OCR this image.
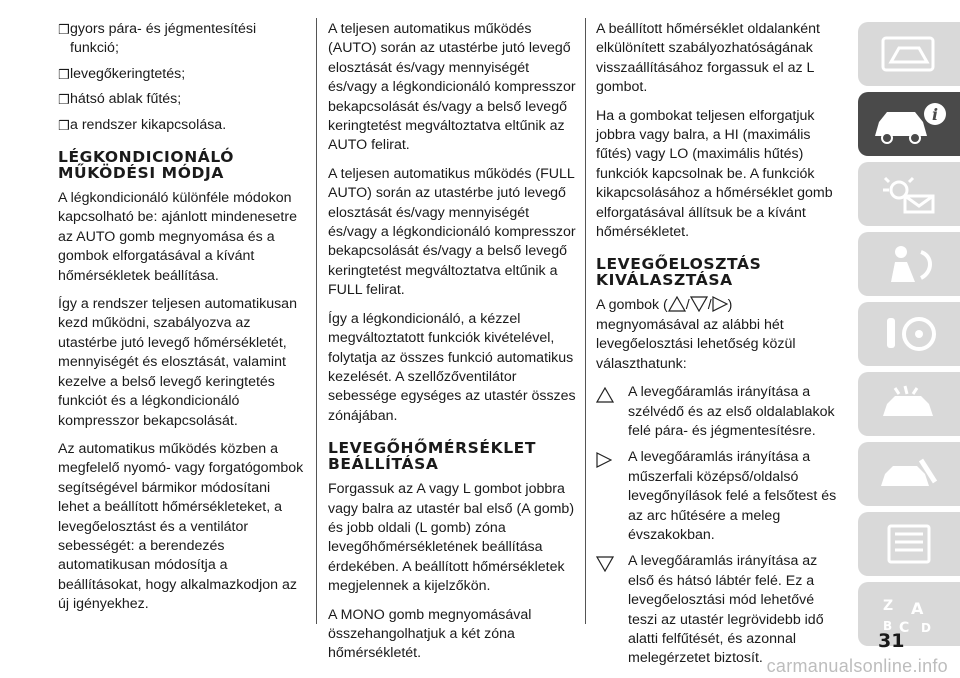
❒ gyors pára- és jégmentesítési funkció;
❒ levegőkeringtetés;
❒ hátsó ablak fűtés;
❒ a rendszer kikapcsolása.
LÉGKONDICIONÁLÓ MŰKÖDÉSI MÓDJA

A légkondicionáló különféle módokon kapcsolható be: ajánlott mindenesetre az AUTO gomb megnyomása és a gombok elforgatásával a kívánt hőmérsékletek beállítása.

Így a rendszer teljesen automatikusan kezd működni, szabályozva az utastérbe jutó levegő hőmérsékletét, mennyiségét és elosztását, valamint kezelve a belső levegő keringtetés funkciót és a légkondicionáló kompresszor bekapcsolását.

Az automatikus működés közben a megfelelő nyomó- vagy forgatógombok segítségével bármikor módosítani lehet a beállított hőmérsékleteket, a levegőelosztást és a ventilátor sebességét: a berendezés automatikusan módosítja a beállításokat, hogy alkalmazkodjon az új igényekhez.

A teljesen automatikus működés (AUTO) során az utastérbe jutó levegő elosztását és/vagy mennyiségét és/vagy a légkondicionáló kompresszor bekapcsolását és/vagy a belső levegő keringtetést megváltoztatva eltűnik az AUTO felirat.

A teljesen automatikus működés (FULL AUTO) során az utastérbe jutó levegő elosztását és/vagy mennyiségét és/vagy a légkondicionáló kompresszor bekapcsolását és/vagy a belső levegő keringtetést megváltoztatva eltűnik a FULL felirat.

Így a légkondicionáló, a kézzel megváltoztatott funkciók kivételével, folytatja az összes funkció automatikus kezelését. A szellőzőventilátor sebessége egységes az utastér összes zónájában.

LEVEGŐHŐMÉRSÉKLET BEÁLLÍTÁSA

Forgassuk az A vagy L gombot jobbra vagy balra az utastér bal első (A gomb) és jobb oldali (L gomb) zóna levegőhőmérsékletének beállítása érdekében. A beállított hőmérsékletek megjelennek a kijelzőkön.

A MONO gomb megnyomásával összehangolhatjuk a két zóna hőmérsékletét.

A beállított hőmérséklet oldalanként elkülönített szabályozhatóságának visszaállításához forgassuk el az L gombot.

Ha a gombokat teljesen elforgatjuk jobbra vagy balra, a HI (maximális fűtés) vagy LO (maximális hűtés) funkciók kapcsolnak be. A funkciók kikapcsolásához a hőmérséklet gomb elforgatásával állítsuk be a kívánt hőmérsékletet.

LEVEGŐELOSZTÁS KIVÁLASZTÁSA

A gombok ( / / )
megnyomásával az alábbi hét levegőelosztási lehetőség közül választhatunk:

A levegőáramlás irányítása a szélvédő és az első oldalablakok felé pára- és jégmentesítésre.
A levegőáramlás irányítása a műszerfali középső/oldalsó levegőnyílások felé a felsőtest és az arc hűtésére a meleg évszakokban.
A levegőáramlás irányítása az első és hátsó lábtér felé. Ez a levegőelosztási mód lehetővé teszi az utastér legrövidebb idő alatti felfűtését, és azonnal melegérzetet biztosít.
i
Z A
B C D
31
carmanualsonline.info
